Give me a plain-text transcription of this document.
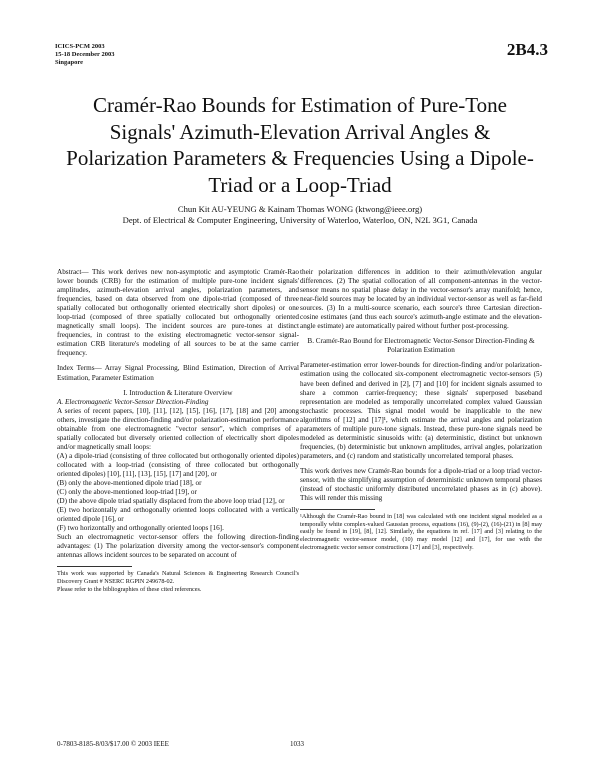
ICICS-PCM 2003
15-18 December 2003
Singapore
2B4.3
Cramér-Rao Bounds for Estimation of Pure-Tone Signals' Azimuth-Elevation Arrival Angles & Polarization Parameters & Frequencies Using a Dipole-Triad or a Loop-Triad
Chun Kit AU-YEUNG & Kainam Thomas WONG (ktwong@ieee.org)
Dept. of Electrical & Computer Engineering, University of Waterloo, Waterloo, ON, N2L 3G1, Canada

Abstract— This work derives new non-asymptotic and asymptotic Cramér-Rao lower bounds (CRB) for the estimation of multiple pure-tone incident signals' amplitudes, azimuth-elevation arrival angles, polarization parameters, and frequencies, based on data observed from one dipole-triad (composed of three spatially collocated but orthogonally oriented electrically short dipoles) or one loop-triad (composed of three spatially collocated but orthogonally oriented magnetically small loops). The incident sources are pure-tones at distinct frequencies, in contrast to the existing electromagnetic vector-sensor signal-estimation CRB literature's modeling of all sources to be at the same carrier frequency.

Index Terms— Array Signal Processing, Blind Estimation, Direction of Arrival Estimation, Parameter Estimation

I. Introduction & Literature Overview

A. Electromagnetic Vector-Sensor Direction-Finding

A series of recent papers, [10], [11], [12], [15], [16], [17], [18] and [20] among others, investigate the direction-finding and/or polarization-estimation performance obtainable from one electromagnetic "vector sensor", which comprises of a spatially collocated but diversely oriented collection of electrically short dipoles and/or magnetically small loops:

(A) a dipole-triad (consisting of three collocated but orthogonally oriented dipoles) collocated with a loop-triad (consisting of three collocated but orthogonally oriented dipoles) [10], [11], [13], [15], [17] and [20], or

(B) only the above-mentioned dipole triad [18], or

(C) only the above-mentioned loop-triad [19], or

(D) the above dipole triad spatially displaced from the above loop triad [12], or

(E) two horizontally and orthogonally oriented loops collocated with a vertically oriented dipole [16], or

(F) two horizontally and orthogonally oriented loops [16].

Such an electromagnetic vector-sensor offers the following direction-finding advantages: (1) The polarization diversity among the vector-sensor's component antennas allows incident sources to be separated on account of

This work was supported by Canada's Natural Sciences & Engineering Research Council's Discovery Grant # NSERC RGPIN 249678-02.

Please refer to the bibliographies of these cited references.

their polarization differences in addition to their azimuth/elevation angular differences. (2) The spatial collocation of all component-antennas in the vector-sensor means no spatial phase delay in the vector-sensor's array manifold; hence, near-field sources may be located by an individual vector-sensor as well as far-field sources. (3) In a multi-source scenario, each source's three Cartesian direction-cosine estimates (and thus each source's azimuth-angle estimate and the elevation-angle estimate) are automatically paired without further post-processing.

B. Cramér-Rao Bound for Electromagnetic Vector-Sensor Direction-Finding & Polarization Estimation

Parameter-estimation error lower-bounds for direction-finding and/or polarization-estimation using the collocated six-component electromagnetic vector-sensors (5) have been defined and derived in [2], [7] and [10] for incident signals assumed to share a common carrier-frequency; these signals' superposed baseband representation are modeled as temporally uncorrelated complex valued Gaussian stochastic processes. This signal model would be inapplicable to the new algorithms of [12] and [17]¹, which estimate the arrival angles and polarization parameters of multiple pure-tone signals. Instead, these pure-tone signals need be modeled as deterministic sinusoids with: (a) deterministic, distinct but unknown frequencies, (b) deterministic but unknown amplitudes, arrival angles, polarization parameters, and (c) random and statistically uncorrelated temporal phases.

This work derives new Cramér-Rao bounds for a dipole-triad or a loop triad vector-sensor, with the simplifying assumption of deterministic unknown temporal phases (instead of stochastic uniformly distributed uncorrelated phases as in (c) above). This will render this missing

¹Although the Cramér-Rao bound in [18] was calculated with one incident signal modeled as a temporally white complex-valued Gaussian process, equations (16), (9)-(2), (16)-(21) in [8] may easily be found in [19], [8], [12]. Similarly, the equations in ref. [17] and [3] relating to the electromagnetic vector-sensor model, (10) may model [12] and [17], for use with the electromagnetic vector sensor constructions [17] and [3], respectively.

0-7803-8185-8/03/$17.00 © 2003 IEEE	1033
